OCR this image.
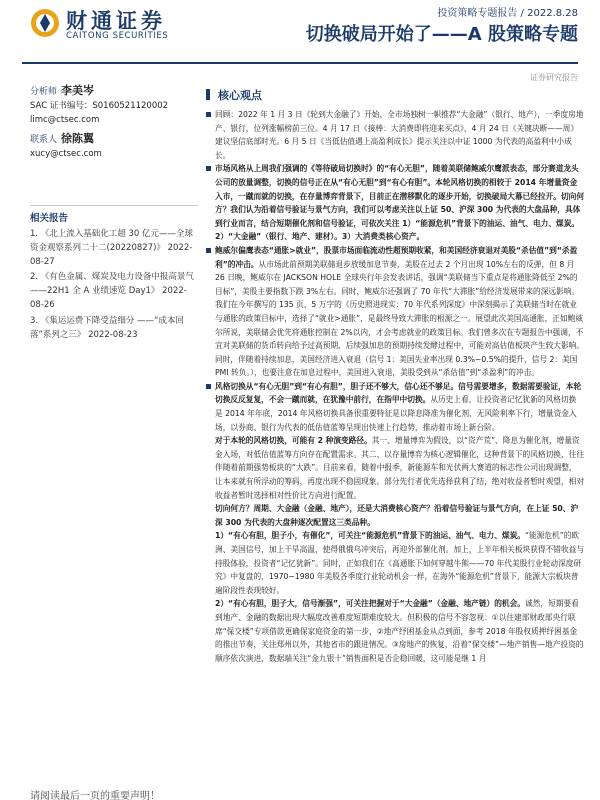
财通证券
CAITONG SECURITIES
投资策略专题报告 / 2022.8.28
切换破局开始了——A 股策略专题
证券研究报告
分析师 李美岑
SAC 证书编号：S0160521120002
limc@ctsec.com
联系人 徐陈翼
xucy@ctsec.com
相关报告
1. 《北上流入基础化工超 30 亿元——全球资金观察系列二十二(20220827)》 2022-08-27
2. 《有色金属、煤炭及电力设备中报高景气 ——22H1 全 A 业绩速览 Day1》 2022-08-26
3. 《集运运费下降受益细分 ——“成本回落”系列之三》 2022-08-23
核心观点
回顾：2022 年 1 月 3 日《轮到大金融了》开始，全市场独树一帜推荐“大金融”（银行、地产），一季度房地产、银行，位列涨幅榜前三位。4 月 17 日《接棒：大消费即将迎来买点》、4 月 24 日《关键决断——周》建议坚信底部时光。6 月 5 日《当低估值遇上高盈利成长》提示关注以中证 1000 为代表的高盈利中小成长。
市场风格从上周我们强调的《等待破局切换时》的“有心无胆”，随着美联储鲍威尔鹰派表态，部分赛道龙头公司的放量调整，切换的信号正在从“有心无胆”到“有心有胆”。本轮风格切换的相较于 2014 年增量资金入市，一蹴而就的切换，在存量博弈背景下，目前正在潜移默化的逐步开始，切换破局大幕已经拉开。切向何方？我们认为沿着信号验证与景气方向，我们可以考虑关注以上证 50、沪深 300 为代表的大盘品种，具体到行业而言，结合短期催化剂和信号验证，可依次关注 1）“能源危机”背景下的油运、油气、电力、煤炭。2）“大金融”（银行、地产、建材）。3）大消费类核心资产。
鲍威尔偏鹰表态“通胀>就业”，股票市场面临流动性超预期收紧，和美国经济衰退对美股“杀估值”到“杀盈利”的冲击。从市场此前预期美联储退步放缓加息节奏，美股在过去 2 个月出现 10%左右的反弹，但 8 月 26 日晚，鲍威尔在 JACKSON HOLE 全球央行年会发表讲话，强调“美联储当下重点是将通胀降低至 2%的目标”，美股主要指数下跌 3%左右。同时，鲍威尔还强调了 70 年代“大滞胀”给经济发展带来的深远影响。
我们在今年撰写的 135 页、5 万字的《历史照进现实：70 年代系列深度》中深刻揭示了美联储当时在就业与通胀的政策目标中，选择了“就业>通胀”，是最终导致大滞胀的根源之一。展望此次美国高通胀，正如鲍威尔所说，美联储会优先将通胀控制在 2%以内，才会考虑就业的政策目标。我们曾多次在专题报告中强调，不宜对美联储的货币转向给予过高预期，后续强加息的预期持续发酵过程中，可能对高估值板块产生较大影响。同时，伴随着持续加息，美国经济进入衰退（信号 1：美国失业率出现 0.3%~0.5%的提升，信号 2：美国 PMI 转负。），也要注意在加息过程中，美国进入衰退，美股受到从“杀估值”到“杀盈利”的冲击。
风格切换从“有心无胆”到“有心有胆”，胆子还不够大，信心还不够足。信号需要增多，数据需要验证，本轮切换反反复复，不会一蹴而就，在犹豫中前行，在指甲中切换。从历史上看，让投资者记忆犹新的风格切换是 2014 年年底，2014 年风格切换具备很重要特征是以降息降准为催化剂，无风险利率下行，增量资金入场，以券商、银行为代表的低估值蓝筹呈现出快速上行趋势，推动着市场上新台阶。
对于本轮的风格切换，可能有 2 种演变路径。其一、增量博弈为假设，以“资产荒”、降息为催化剂，增量资金入场，对低估值蓝筹方向存在配置需求。其二、以存量博弈为核心逻辑催化，这种背景下的风格切换，往往伴随着前期强势板块的“大跌”。目前来看，随着中报季，新能源车和光伏两大赛道的标志性公司出现调整，让本来就有所浮动的筹码，再度出现不稳固现象。部分先行者优先选择获利了结，绝对收益者暂时观望，相对收益者暂时选择相对性价比方向进行配置。
切向何方？周期、大金融（金融、地产），还是大消费核心资产？沿着信号验证与景气方向，在上证 50、沪深 300 为代表的大盘种逐次配置这三类品种。
1）“有心有胆，胆子小，有催化”，可关注“能源危机”背景下的油运、油气、电力、煤炭。“能源危机”的欧洲、美国信号，加上干旱高温，使得俄俄乌冲突后，再迎外部催化剂。加上，上半年相关板块获得不错收益与持股体验，投资者“记忆犹新”。同时，正如我们在《高通胀下如何穿越牛熊——70 年代美股行业轮动深度研究》中复盘的，1970~1980 年美股各季度行业轮动机会一样，在海外“能源危机”背景下，能源大宗板块普遍阶段性表现较好。
2）“有心有胆，胆子大，信号渐强”，可关注把握对于“大金融”（金融、地产链）的机会。诚然，短期要看到地产、金融的数据出现大幅度改善难度短期难度较大。但积极的信号不容忽视：①以住建部财政部央行联席“保交楼”专项借款更确保家庭资金的第一步，②地产纾困基金从点到面，参考 2018 年股权质押纾困基金的推出节奏，关注郑州以外，其他省市的跟进情况。③房地产的恢复，沿着“保交楼”—地产销售—地产投资的顺序依次演进，数据端关注“金九银十”销售面积是否企稳回暖，这可能是继 1 月
请阅读最后一页的重要声明！
